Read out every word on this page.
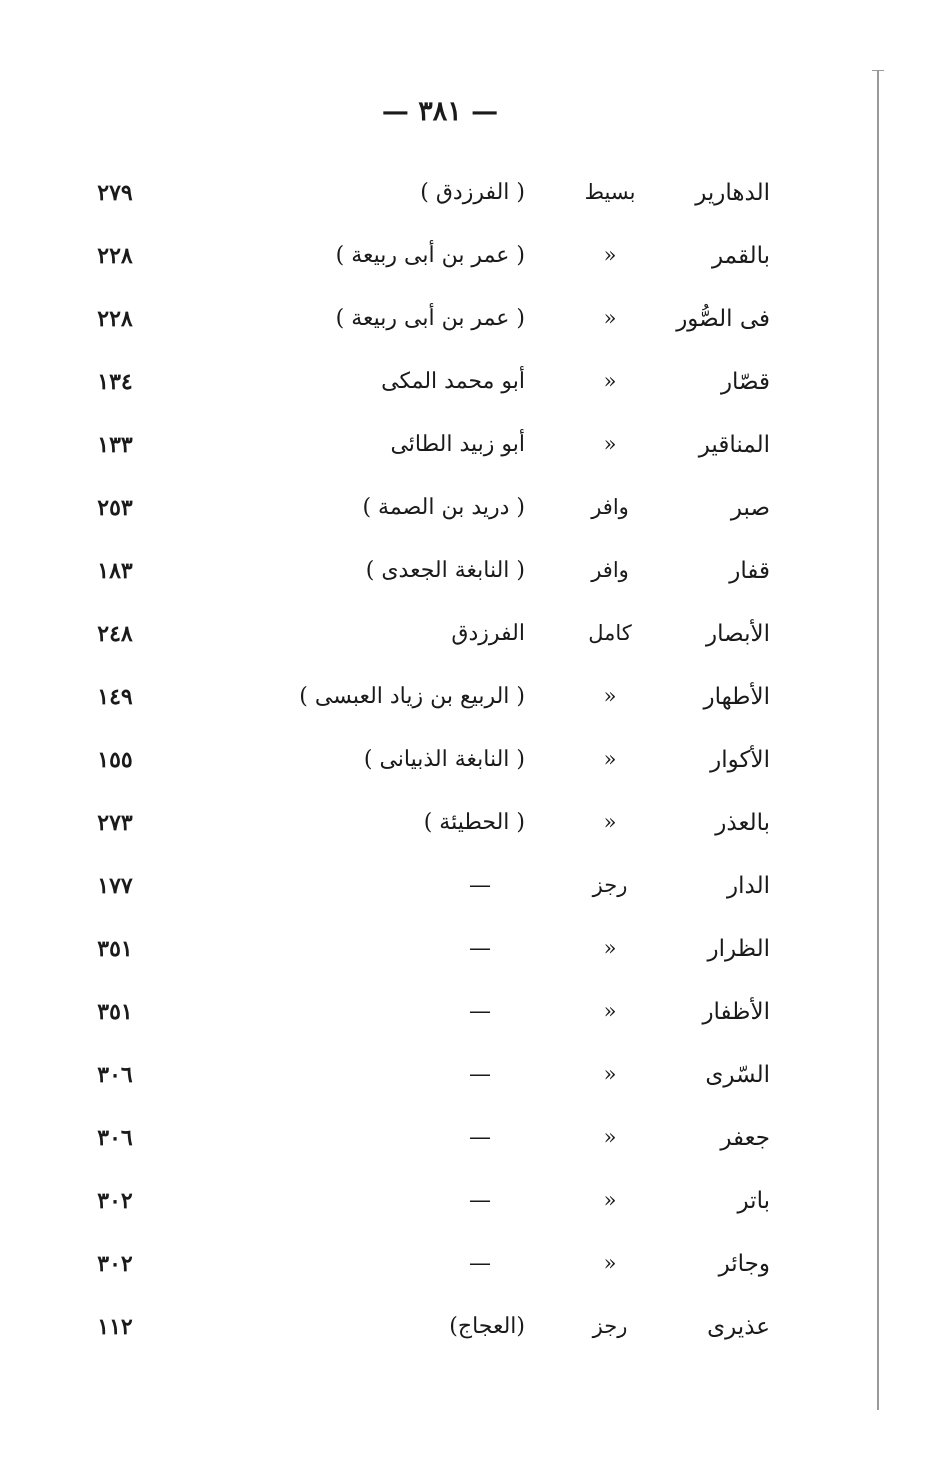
— ٣٨١ —
الدهارير
بسيط
( الفرزدق )
٢٧٩
بالقمر
«
( عمر بن أبى ربيعة )
٢٢٨
فى الصُّور
«
( عمر بن أبى ربيعة )
٢٢٨
قصّار
«
أبو محمد المكى
١٣٤
المناقير
«
أبو زبيد الطائى
١٣٣
صبر
وافر
( دريد بن الصمة )
٢٥٣
قفار
وافر
( النابغة الجعدى )
١٨٣
الأبصار
كامل
الفرزدق
٢٤٨
الأطهار
«
( الربيع بن زياد العبسى )
١٤٩
الأكوار
«
( النابغة الذبيانى )
١٥٥
بالعذر
«
( الحطيئة )
٢٧٣
الدار
رجز
—
١٧٧
الظرار
«
—
٣٥١
الأظفار
«
—
٣٥١
السّرى
«
—
٣٠٦
جعفر
«
—
٣٠٦
باتر
«
—
٣٠٢
وجائر
«
—
٣٠٢
عذيرى
رجز
(العجاج)
١١٢
